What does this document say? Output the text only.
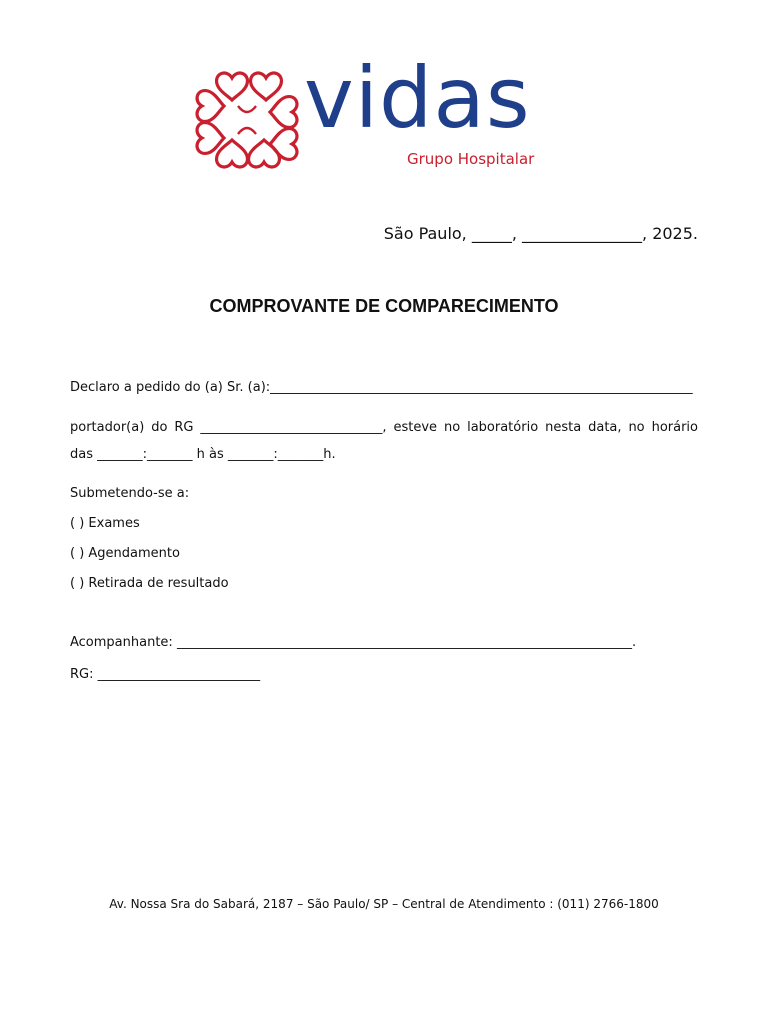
vidas
Grupo Hospitalar
São Paulo, _____, _______________, 2025.
COMPROVANTE DE COMPARECIMENTO
Declaro a pedido do (a) Sr. (a):_________________________________________________________________
portador(a) do RG ____________________________, esteve no laboratório nesta data, no horário
das _______:_______ h às _______:_______h.
Submetendo-se a:
( ) Exames
( ) Agendamento
( ) Retirada de resultado
Acompanhante: ______________________________________________________________________.
RG: _________________________
Av. Nossa Sra do Sabará, 2187 – São Paulo/ SP – Central de Atendimento : (011) 2766-1800
